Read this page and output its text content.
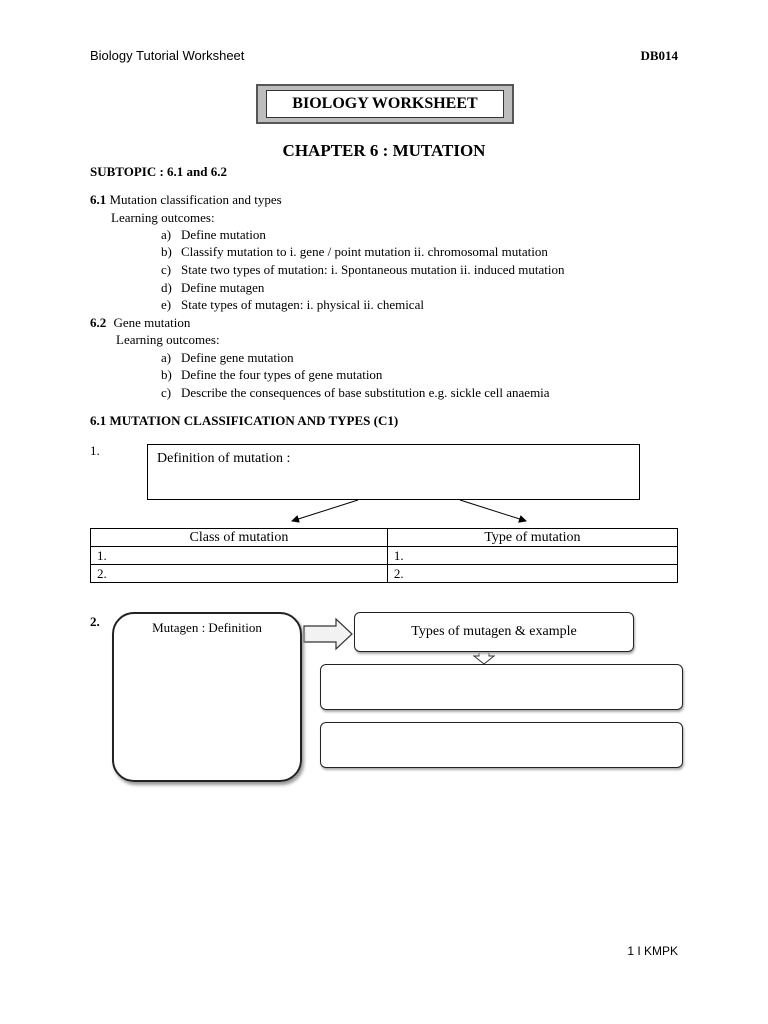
Biology Tutorial Worksheet	DB014
BIOLOGY WORKSHEET
CHAPTER 6 : MUTATION
SUBTOPIC : 6.1 and 6.2
6.1 Mutation classification and types
Learning outcomes:
a) Define mutation
b) Classify mutation to i. gene / point mutation ii. chromosomal mutation
c) State two types of mutation: i. Spontaneous mutation ii. induced mutation
d) Define mutagen
e) State types of mutagen: i. physical ii. chemical
6.2 Gene mutation
Learning outcomes:
a) Define gene mutation
b) Define the four types of gene mutation
c) Describe the consequences of base substitution e.g. sickle cell anaemia
6.1 MUTATION CLASSIFICATION AND TYPES (C1)
1.
Definition of mutation :
Class of mutation	Type of mutation
1.	1.
2.	2.
2.	Mutagen : Definition	Types of mutagen & example
1 I KMPK
